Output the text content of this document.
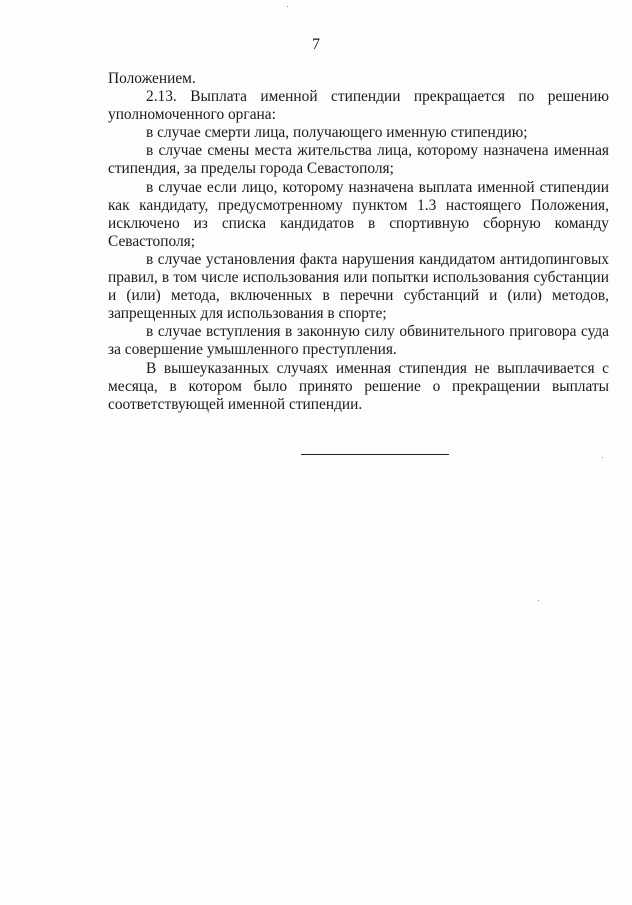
7

Положением.

2.13. Выплата именной стипендии прекращается по решению уполномоченного органа:

в случае смерти лица, получающего именную стипендию;

в случае смены места жительства лица, которому назначена именная стипендия, за пределы города Севастополя;

в случае если лицо, которому назначена выплата именной стипендии как кандидату, предусмотренному пунктом 1.3 настоящего Положения, исключено из списка кандидатов в спортивную сборную команду Севастополя;

в случае установления факта нарушения кандидатом антидопинговых правил, в том числе использования или попытки использования субстанции и (или) метода, включенных в перечни субстанций и (или) методов, запрещенных для использования в спорте;

в случае вступления в законную силу обвинительного приговора суда за совершение умышленного преступления.

В вышеуказанных случаях именная стипендия не выплачивается с месяца, в котором было принято решение о прекращении выплаты соответствующей именной стипендии.
